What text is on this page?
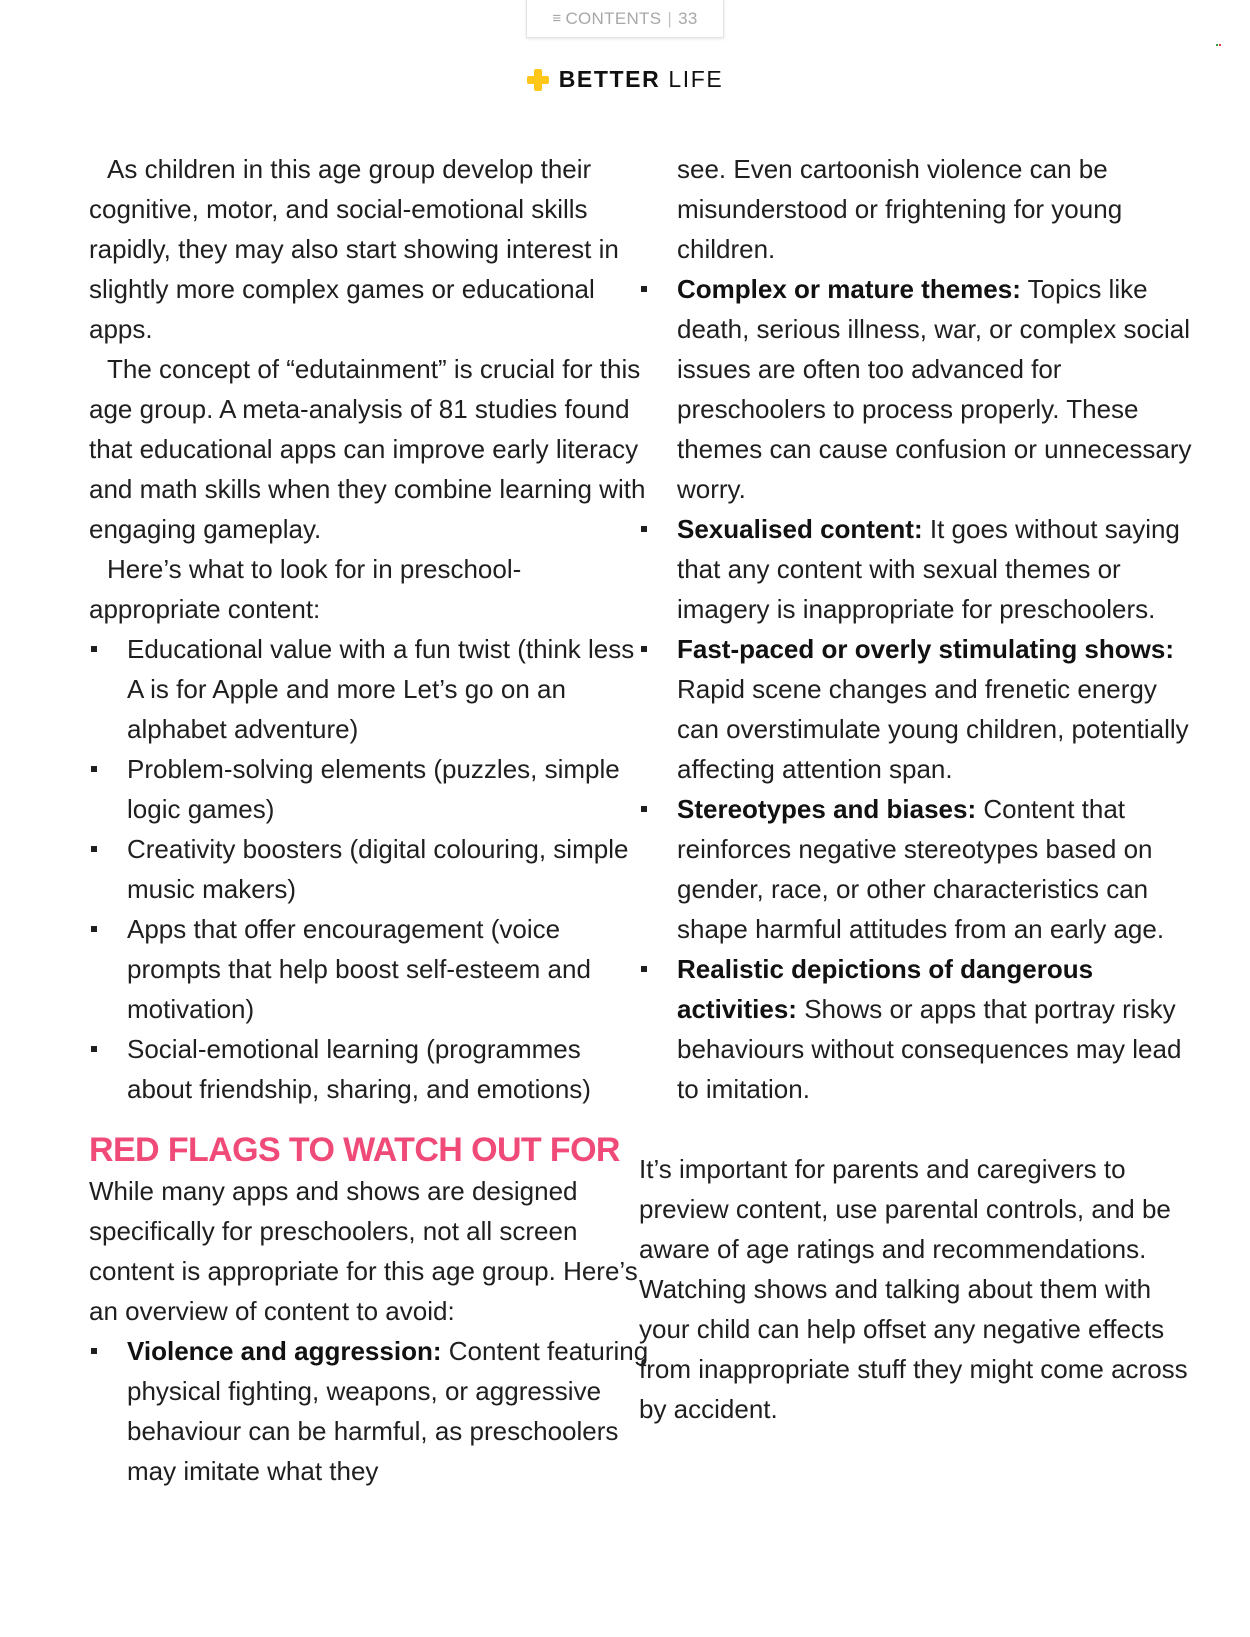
≡ CONTENTS | 33
BETTER LIFE

As children in this age group develop their cognitive, motor, and social-emotional skills rapidly, they may also start showing interest in slightly more complex games or educational apps.

The concept of “edutainment” is crucial for this age group. A meta-analysis of 81 studies found that educational apps can improve early literacy and math skills when they combine learning with engaging gameplay.

Here’s what to look for in preschool-appropriate content:

Educational value with a fun twist (think less A is for Apple and more Let’s go on an alphabet adventure)
Problem-solving elements (puzzles, simple logic games)
Creativity boosters (digital colouring, simple music makers)
Apps that offer encouragement (voice prompts that help boost self-esteem and motivation)
Social-emotional learning (programmes about friendship, sharing, and emotions)
RED FLAGS TO WATCH OUT FOR

While many apps and shows are designed specifically for preschoolers, not all screen content is appropriate for this age group. Here’s an overview of content to avoid:

Violence and aggression: Content featuring physical fighting, weapons, or aggressive behaviour can be harmful, as preschoolers may imitate what they

see. Even cartoonish violence can be misunderstood or frightening for young children.

Complex or mature themes: Topics like death, serious illness, war, or complex social issues are often too advanced for preschoolers to process properly. These themes can cause confusion or unnecessary worry.
Sexualised content: It goes without saying that any content with sexual themes or imagery is inappropriate for preschoolers.
Fast-paced or overly stimulating shows: Rapid scene changes and frenetic energy can overstimulate young children, potentially affecting attention span.
Stereotypes and biases: Content that reinforces negative stereotypes based on gender, race, or other characteristics can shape harmful attitudes from an early age.
Realistic depictions of dangerous activities: Shows or apps that portray risky behaviours without consequences may lead to imitation.

It’s important for parents and caregivers to preview content, use parental controls, and be aware of age ratings and recommendations. Watching shows and talking about them with your child can help offset any negative effects from inappropriate stuff they might come across by accident.
